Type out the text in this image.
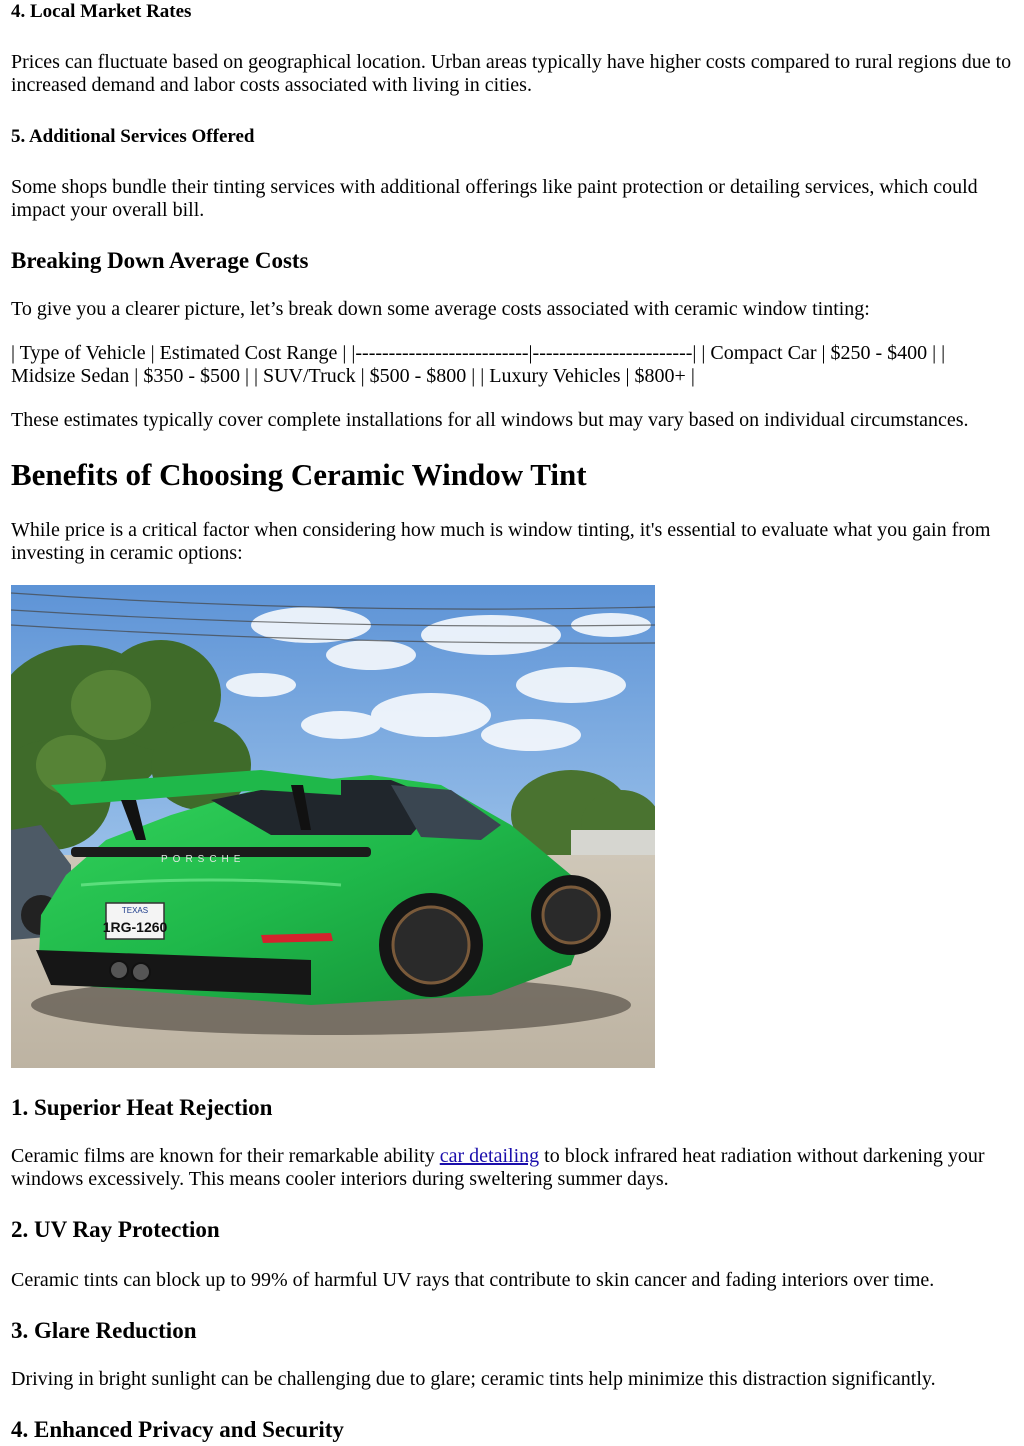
4. Local Market Rates

Prices can fluctuate based on geographical location. Urban areas typically have higher costs compared to rural regions due to increased demand and labor costs associated with living in cities.

5. Additional Services Offered

Some shops bundle their tinting services with additional offerings like paint protection or detailing services, which could impact your overall bill.

Breaking Down Average Costs

To give you a clearer picture, let’s break down some average costs associated with ceramic window tinting:

| Type of Vehicle | Estimated Cost Range | |--------------------------|------------------------| | Compact Car | $250 - $400 | | Midsize Sedan | $350 - $500 | | SUV/Truck | $500 - $800 | | Luxury Vehicles | $800+ |

These estimates typically cover complete installations for all windows but may vary based on individual circumstances.

Benefits of Choosing Ceramic Window Tint

While price is a critical factor when considering how much is window tinting, it's essential to evaluate what you gain from investing in ceramic options:

PORSCHE
TEXAS
1RG-1260
1. Superior Heat Rejection

Ceramic films are known for their remarkable ability car detailing to block infrared heat radiation without darkening your windows excessively. This means cooler interiors during sweltering summer days.

2. UV Ray Protection

Ceramic tints can block up to 99% of harmful UV rays that contribute to skin cancer and fading interiors over time.

3. Glare Reduction

Driving in bright sunlight can be challenging due to glare; ceramic tints help minimize this distraction significantly.

4. Enhanced Privacy and Security
